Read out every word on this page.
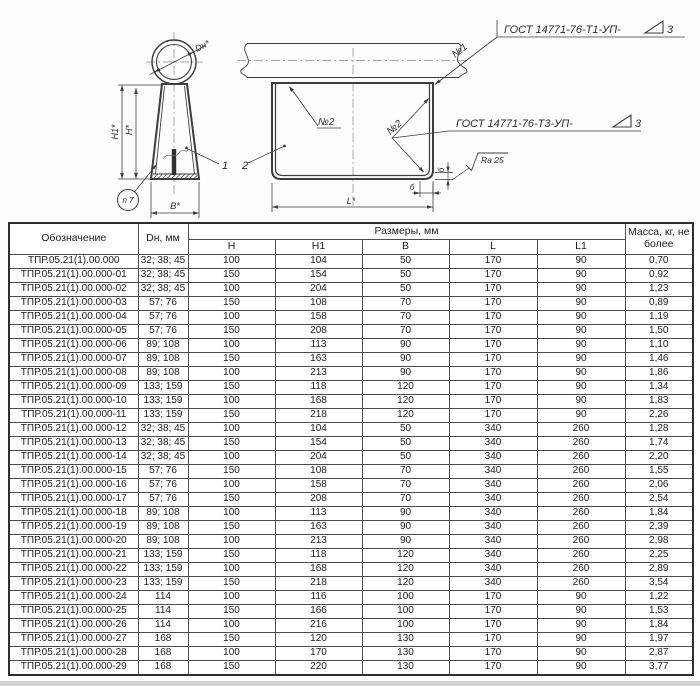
Н1* Н*
В*
Dн*
п 7
1 2
№1
№2
№2
ГОСТ 14771-76-Т1-УП-	3
ГОСТ 14771-76-Т3-УП-	3
Ra 25
б
б
L*
Обозначение	Dн, мм	Размеры, мм					Масса, кг, не более
		H	H1	B	L	L1	
ТПР.05.21(1).00.000	32; 38; 45	100	104	50	170	90	0,70
ТПР.05.21(1).00.000-01	32; 38; 45	150	154	50	170	90	0,92
ТПР.05.21(1).00.000-02	32; 38; 45	100	204	50	170	90	1,23
ТПР.05.21(1).00.000-03	57; 76	150	108	70	170	90	0,89
ТПР.05.21(1).00.000-04	57; 76	100	158	70	170	90	1,19
ТПР.05.21(1).00.000-05	57; 76	150	208	70	170	90	1,50
ТПР.05.21(1).00.000-06	89; 108	100	113	90	170	90	1,10
ТПР.05.21(1).00.000-07	89; 108	150	163	90	170	90	1,46
ТПР.05.21(1).00.000-08	89; 108	100	213	90	170	90	1,86
ТПР.05.21(1).00.000-09	133; 159	150	118	120	170	90	1,34
ТПР.05.21(1).00.000-10	133; 159	100	168	120	170	90	1,83
ТПР.05.21(1).00.000-11	133; 159	150	218	120	170	90	2,26
ТПР.05.21(1).00.000-12	32; 38; 45	100	104	50	340	260	1,28
ТПР.05.21(1).00.000-13	32; 38; 45	150	154	50	340	260	1,74
ТПР.05.21(1).00.000-14	32; 38; 45	100	204	50	340	260	2,20
ТПР.05.21(1).00.000-15	57; 76	150	108	70	340	260	1,55
ТПР.05.21(1).00.000-16	57; 76	100	158	70	340	260	2,06
ТПР.05.21(1).00.000-17	57; 76	150	208	70	340	260	2,54
ТПР.05.21(1).00.000-18	89; 108	100	113	90	340	260	1,84
ТПР.05.21(1).00.000-19	89; 108	150	163	90	340	260	2,39
ТПР.05.21(1).00.000-20	89; 108	100	213	90	340	260	2,98
ТПР.05.21(1).00.000-21	133; 159	150	118	120	340	260	2,25
ТПР.05.21(1).00.000-22	133; 159	100	168	120	340	260	2,89
ТПР.05.21(1).00.000-23	133; 159	150	218	120	340	260	3,54
ТПР.05.21(1).00.000-24	114	100	116	100	170	90	1,22
ТПР.05.21(1).00.000-25	114	150	166	100	170	90	1,53
ТПР.05.21(1).00.000-26	114	100	216	100	170	90	1,84
ТПР.05.21(1).00.000-27	168	150	120	130	170	90	1,97
ТПР.05.21(1).00.000-28	168	100	170	130	170	90	2,87
ТПР.05.21(1).00.000-29	168	150	220	130	170	90	3,77
